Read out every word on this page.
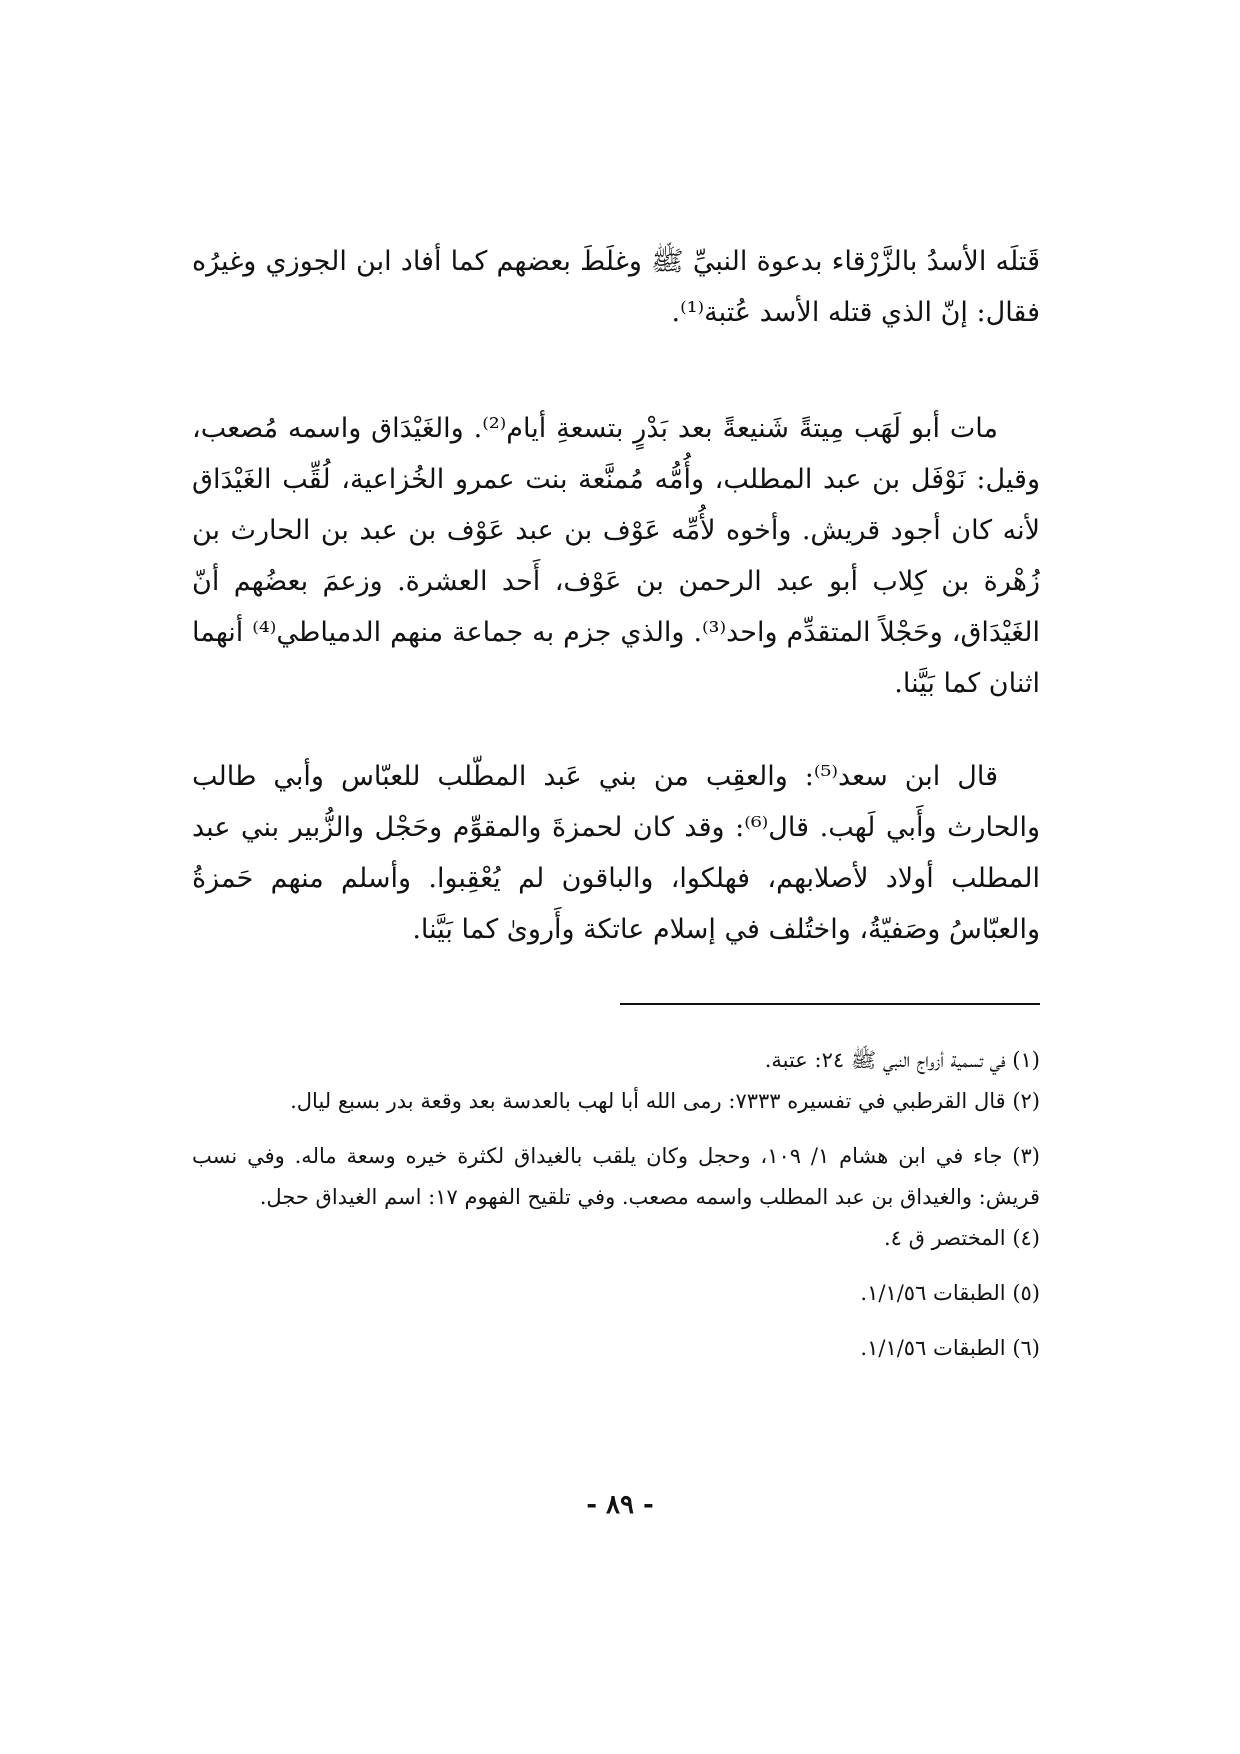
قَتلَه الأسدُ بالزَّرْقاء بدعوة النبيِّ ﷺ وغلَطَ بعضهم كما أفاد ابن الجوزي وغيرُه فقال: إنّ الذي قتله الأسد عُتبة⁽¹⁾.

مات أبو لَهَب مِيتةً شَنيعةً بعد بَدْرٍ بتسعةِ أيام⁽²⁾. والغَيْدَاق واسمه مُصعب، وقيل: نَوْفَل بن عبد المطلب، وأُمُّه مُمنَّعة بنت عمرو الخُزاعية، لُقِّب الغَيْدَاق لأنه كان أجود قريش. وأخوه لأُمِّه عَوْف بن عبد عَوْف بن عبد بن الحارث بن زُهْرة بن كِلاب أبو عبد الرحمن بن عَوْف، أَحد العشرة. وزعمَ بعضُهم أنّ الغَيْدَاق، وحَجْلاً المتقدِّم واحد⁽³⁾. والذي جزم به جماعة منهم الدمياطي⁽⁴⁾ أنهما اثنان كما بَيَّنا.

قال ابن سعد⁽⁵⁾: والعقِب من بني عَبد المطّلب للعبّاس وأبي طالب والحارث وأَبي لَهب. قال⁽⁶⁾: وقد كان لحمزةَ والمقوِّم وحَجْل والزُّبير بني عبد المطلب أولاد لأصلابهم، فهلكوا، والباقون لم يُعْقِبوا. وأسلم منهم حَمزةُ والعبّاسُ وصَفيّةُ، واختُلف في إسلام عاتكة وأَروىٰ كما بَيَّنا.

(١) في تسمية أزواج النبي ﷺ ٢٤: عتبة.

(٢) قال القرطبي في تفسيره ٧٣٣٣: رمى الله أبا لهب بالعدسة بعد وقعة بدر بسبع ليال.

(٣) جاء في ابن هشام ١/ ١٠٩، وحجل وكان يلقب بالغيداق لكثرة خيره وسعة ماله. وفي نسب قريش: والغيداق بن عبد المطلب واسمه مصعب. وفي تلقيح الفهوم ١٧: اسم الغيداق حجل.

(٤) المختصر ق ٤.

(٥) الطبقات ١/١/٥٦.

(٦) الطبقات ١/١/٥٦.

- ٨٩ -
